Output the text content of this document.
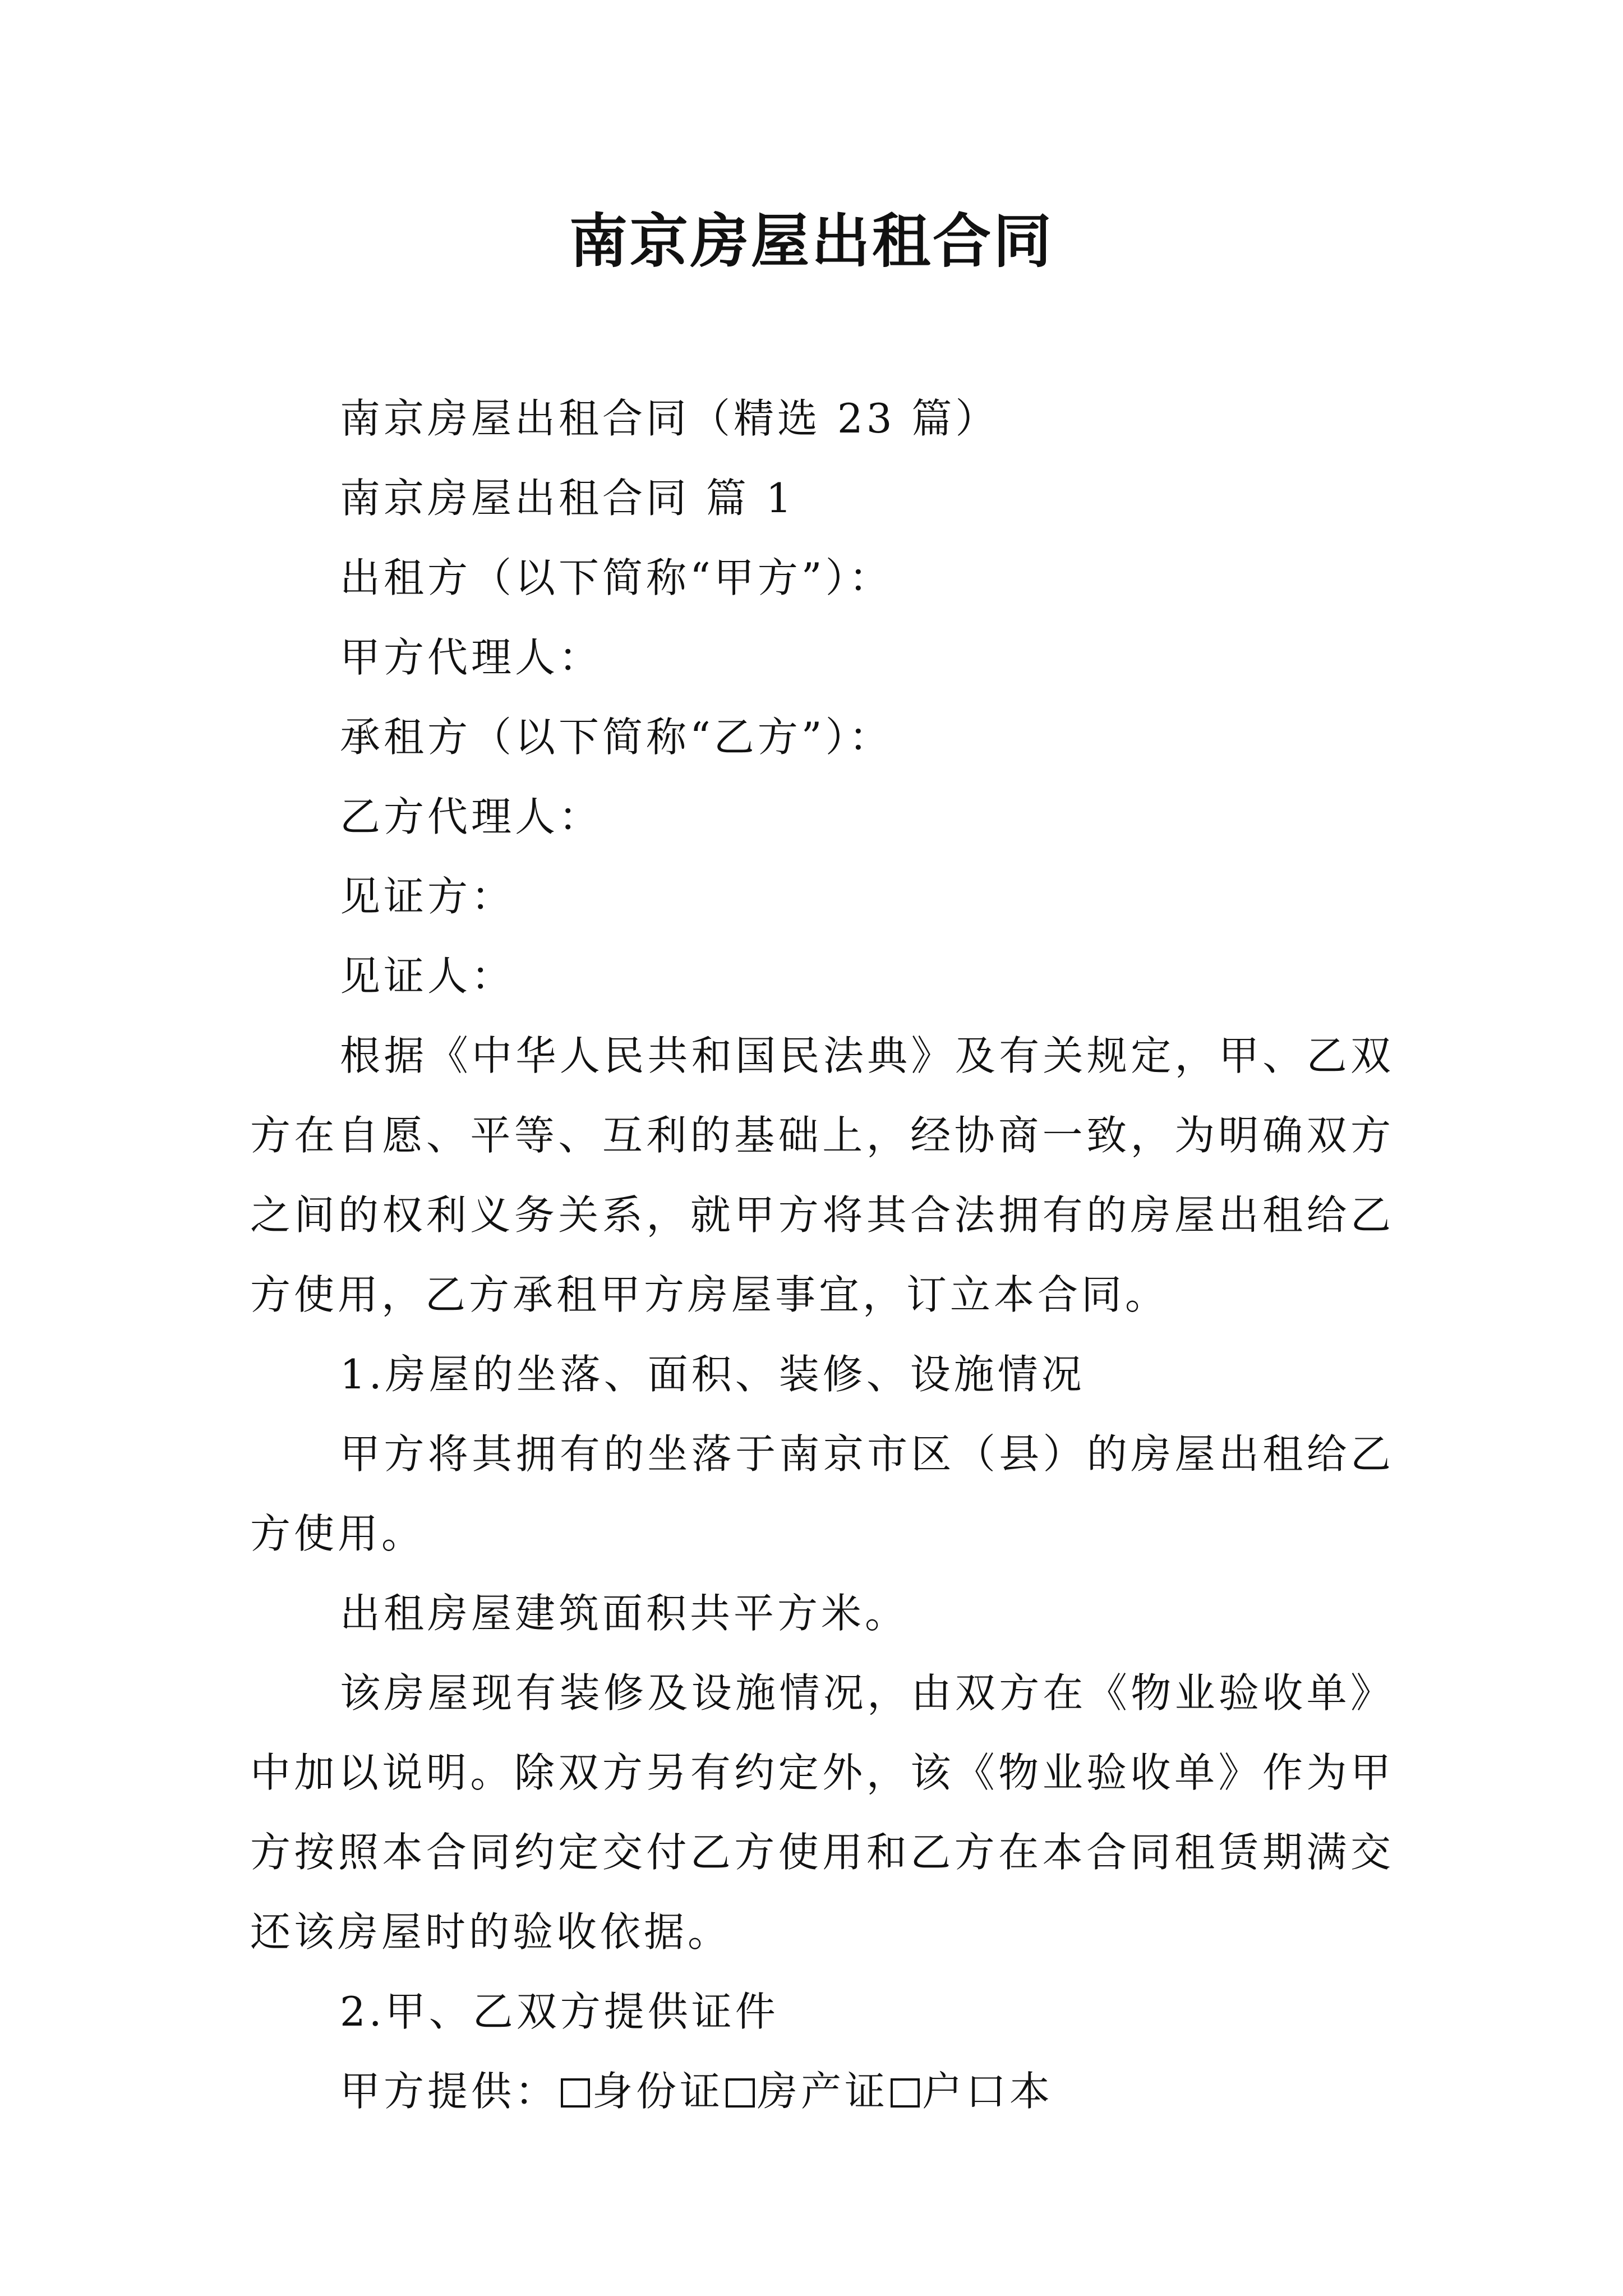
南京房屋出租合同
南京房屋出租合同（精选 23 篇）
南京房屋出租合同 篇 1
出租方（以下简称“甲方”）：
甲方代理人：
承租方（以下简称“乙方”）：
乙方代理人：
见证方：
见证人：

根据《中华人民共和国民法典》及有关规定，甲、乙双方在自愿、平等、互利的基础上，经协商一致，为明确双方之间的权利义务关系，就甲方将其合法拥有的房屋出租给乙方使用，乙方承租甲方房屋事宜，订立本合同。

1.房屋的坐落、面积、装修、设施情况

甲方将其拥有的坐落于南京市区（县）的房屋出租给乙方使用。

出租房屋建筑面积共平方米。

该房屋现有装修及设施情况，由双方在《物业验收单》中加以说明。除双方另有约定外，该《物业验收单》作为甲方按照本合同约定交付乙方使用和乙方在本合同租赁期满交还该房屋时的验收依据。

2.甲、乙双方提供证件
甲方提供： 身份证 房产证 户口本
